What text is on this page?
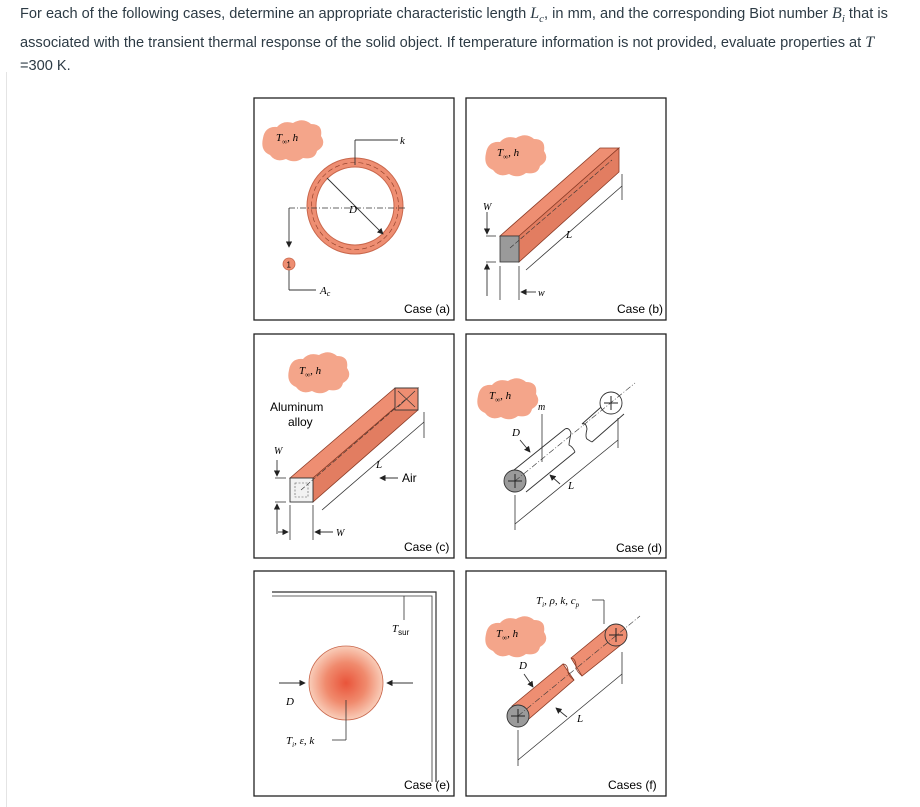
For each of the following cases, determine an appropriate characteristic length $L_c$, in mm, and the corresponding Biot number $B_i$ that is associated with the transient thermal response of the solid object. If temperature information is not provided, evaluate properties at T =300 K.

$T_\infty$, h	k
D
1
Ac
Case (a)
$T_\infty$, h
W
w
L
Case (b)
$T_\infty$, h
Aluminum
alloy
W
W
L
Air
Case (c)
$T_\infty$, h
m
D
L
Case (d)
$T_{sur}$
D
$T_i$, ε, k
Case (e)
$T_i$, ρ, k, $c_p$
$T_\infty$, h
D
L
Cases (f)
